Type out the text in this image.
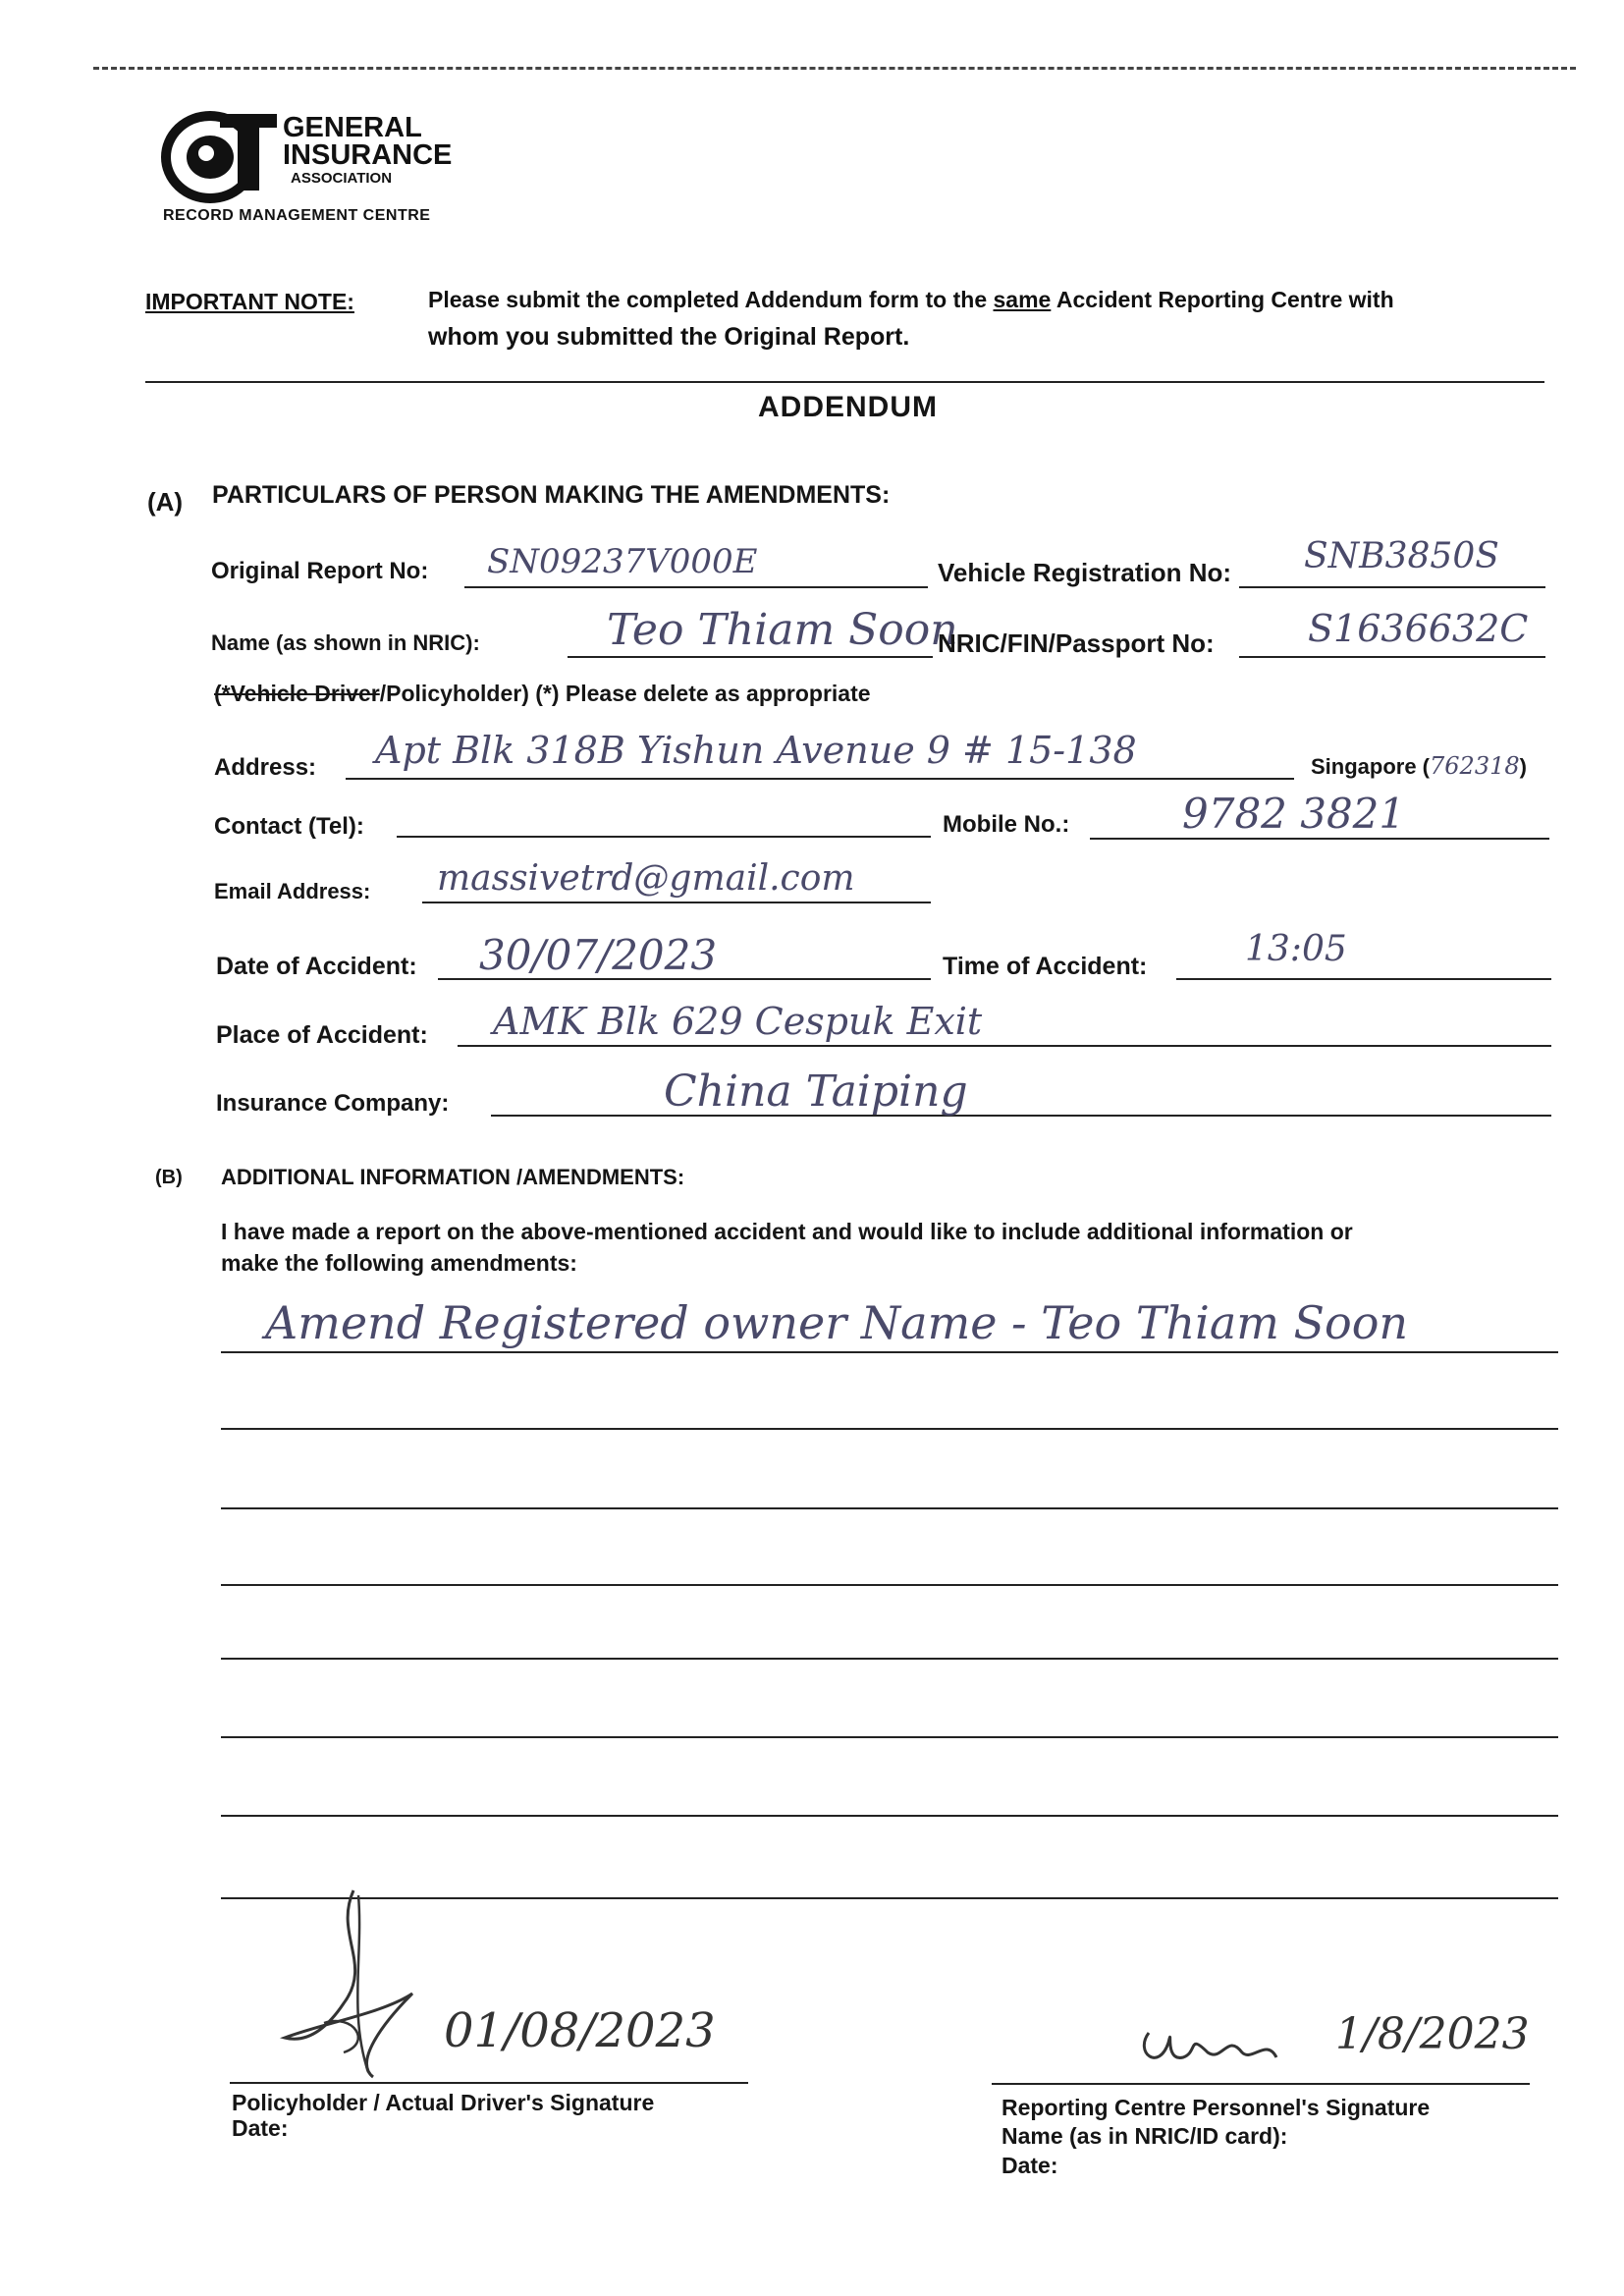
GENERAL
INSURANCE
ASSOCIATION
RECORD MANAGEMENT CENTRE
IMPORTANT NOTE:	Please submit the completed Addendum form to the same Accident Reporting Centre with
whom you submitted the Original Report.
ADDENDUM
(A) PARTICULARS OF PERSON MAKING THE AMENDMENTS:
Original Report No: SN09237V000E	Vehicle Registration No: SNB3850S
Name (as shown in NRIC):	Teo Thiam Soon
NRIC/FIN/Passport No:	S1636632C
(*Vehicle Driver/Policyholder) (*) Please delete as appropriate
Address: Apt Blk 318B Yishun Avenue 9 # 15-138	Singapore (762318)
Contact (Tel):	Mobile No.:	9782 3821
Email Address: massivetrd@gmail.com
Date of Accident: 30/07/2023	Time of Accident:	13:05
Place of Accident: AMK Blk 629 Cespuk Exit
Insurance Company:	China Taiping
(B) ADDITIONAL INFORMATION /AMENDMENTS:
I have made a report on the above-mentioned accident and would like to include additional information or
make the following amendments:
Amend Registered owner Name - Teo Thiam Soon
01/08/2023
Policyholder / Actual Driver's Signature
Date:
1/8/2023
Reporting Centre Personnel's Signature
Name (as in NRIC/ID card):
Date:
